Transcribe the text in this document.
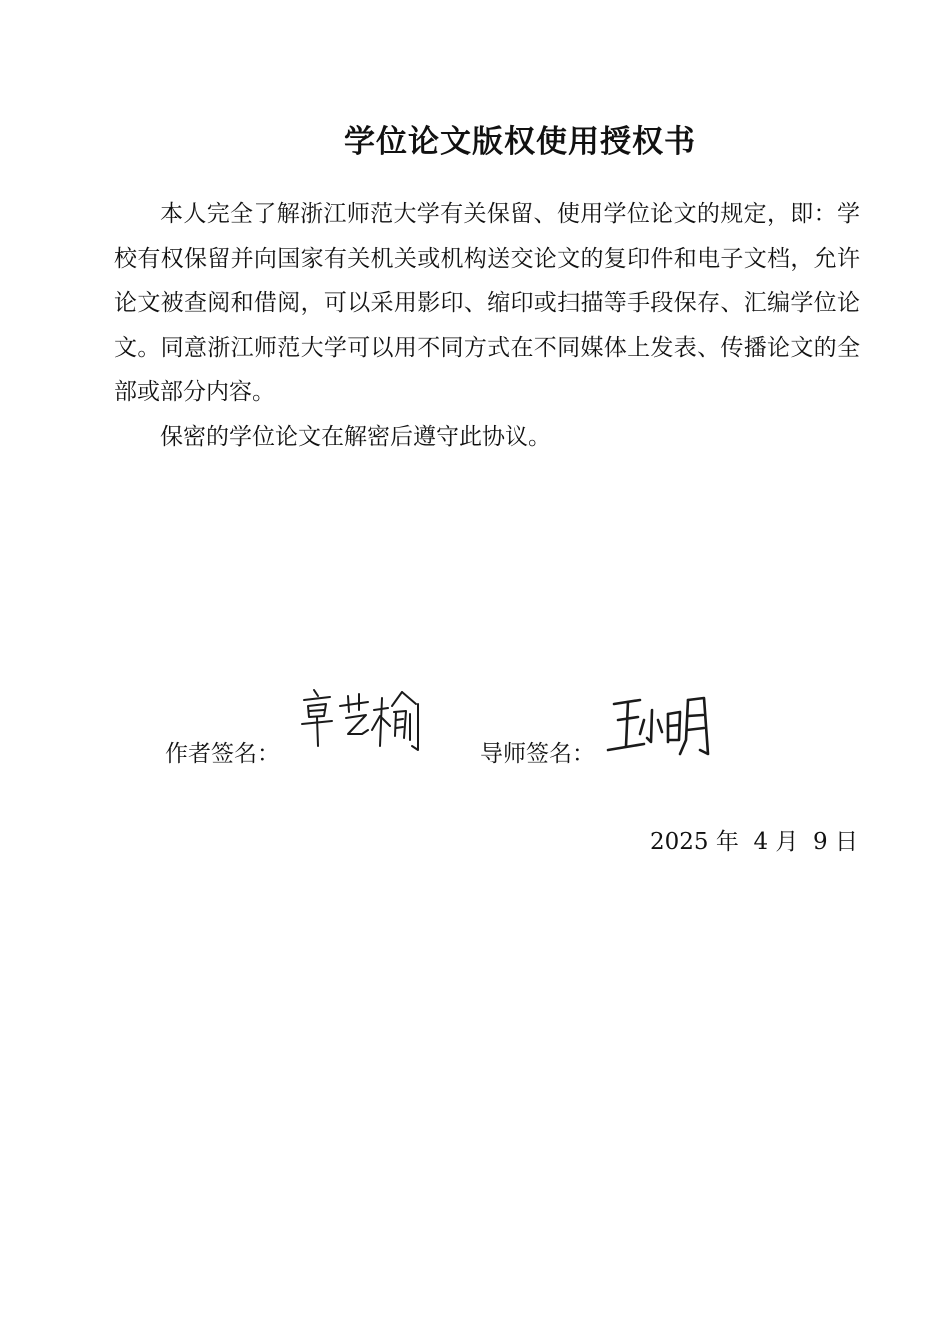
学位论文版权使用授权书

本人完全了解浙江师范大学有关保留、使用学位论文的规定，即：学校有权保留并向国家有关机关或机构送交论文的复印件和电子文档，允许论文被查阅和借阅，可以采用影印、缩印或扫描等手段保存、汇编学位论文。同意浙江师范大学可以用不同方式在不同媒体上发表、传播论文的全部或部分内容。

保密的学位论文在解密后遵守此协议。

作者签名：	导师签名：
2025 年  4 月  9 日
